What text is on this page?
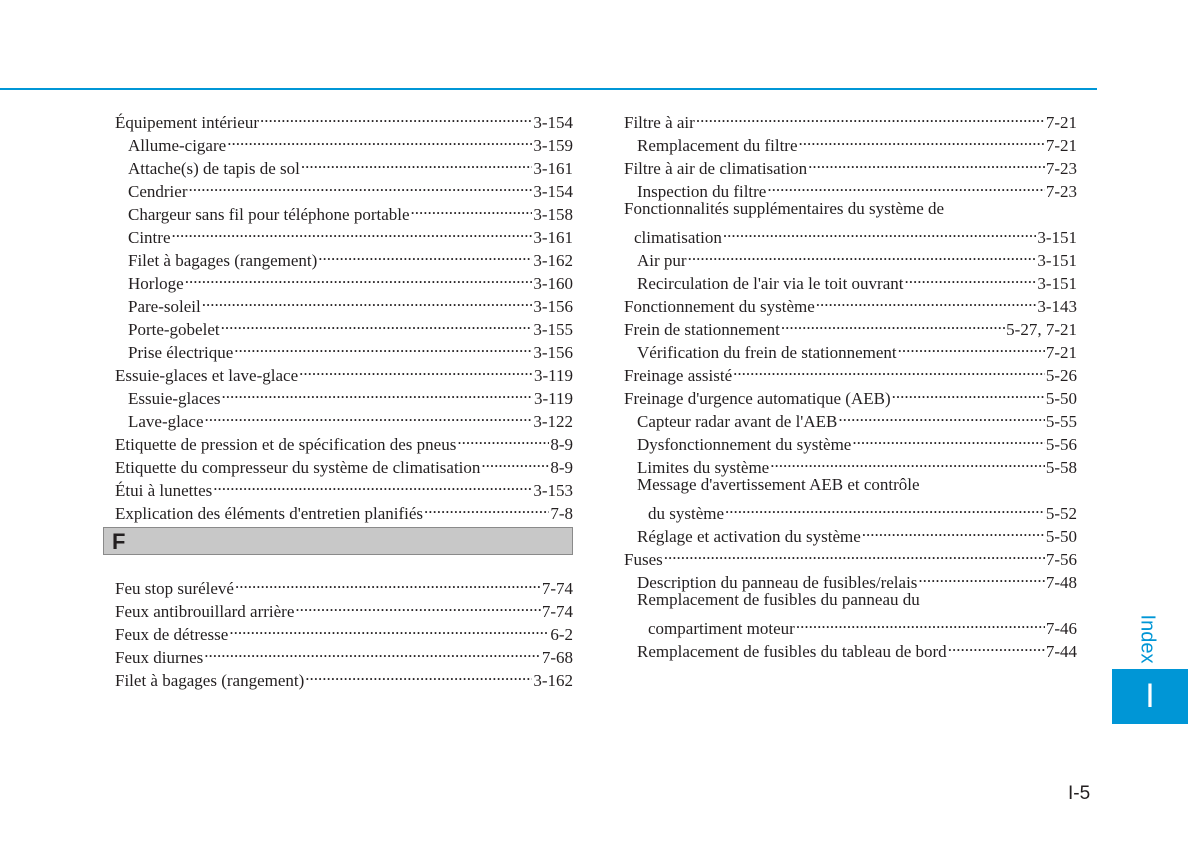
Équipement intérieur .....	3-154
Allume-cigare .....	3-159
Attache(s) de tapis de sol .....	3-161
Cendrier .....	3-154
Chargeur sans fil pour téléphone portable .....	3-158
Cintre .....	3-161
Filet à bagages (rangement) .....	3-162
Horloge .....	3-160
Pare-soleil .....	3-156
Porte-gobelet .....	3-155
Prise électrique .....	3-156
Essuie-glaces et lave-glace .....	3-119
Essuie-glaces .....	3-119
Lave-glace .....	3-122
Etiquette de pression et de spécification des pneus .....	8-9
Etiquette du compresseur du système de climatisation .....	8-9
Étui à lunettes .....	3-153
Explication des éléments d'entretien planifiés .....	7-8
F
Feu stop surélevé .....	7-74
Feux antibrouillard arrière .....	7-74
Feux de détresse .....	6-2
Feux diurnes .....	7-68
Filet à bagages (rangement) .....	3-162
Filtre à air .....	7-21
Remplacement du filtre .....	7-21
Filtre à air de climatisation .....	7-23
Inspection du filtre .....	7-23
Fonctionnalités supplémentaires du système de
climatisation .....	3-151
Air pur .....	3-151
Recirculation de l'air via le toit ouvrant .....	3-151
Fonctionnement du système .....	3-143
Frein de stationnement .....	5-27, 7-21
Vérification du frein de stationnement .....	7-21
Freinage assisté .....	5-26
Freinage d'urgence automatique (AEB) .....	5-50
Capteur radar avant de l'AEB .....	5-55
Dysfonctionnement du système .....	5-56
Limites du système .....	5-58
Message d'avertissement AEB et contrôle
du système .....	5-52
Réglage et activation du système .....	5-50
Fuses .....	7-56
Description du panneau de fusibles/relais .....	7-48
Remplacement de fusibles du panneau du
compartiment moteur .....	7-46
Remplacement de fusibles du tableau de bord .....	7-44	Index
I
I-5
